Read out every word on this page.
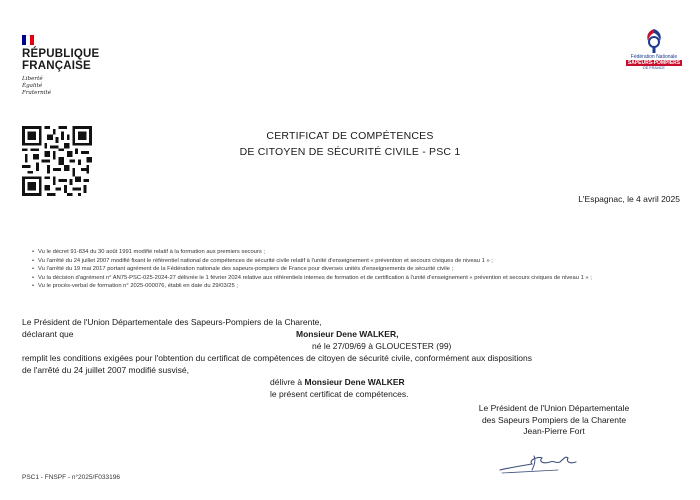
RÉPUBLIQUE
FRANÇAISE
Liberté
Égalité
Fraternité
Fédération Nationale
SAPEURS-POMPIERS
DE FRANCE
CERTIFICAT DE COMPÉTENCES
DE CITOYEN DE SÉCURITÉ CIVILE - PSC 1
L'Espagnac, le 4 avril 2025
• Vu le décret 91-834 du 30 août 1991 modifié relatif à la formation aux premiers secours ;
• Vu l'arrêté du 24 juillet 2007 modifié fixant le référentiel national de compétences de sécurité civile relatif à l'unité d'enseignement « prévention et secours civiques de niveau 1 » ;
• Vu l'arrêté du 19 mai 2017 portant agrément de la Fédération nationale des sapeurs-pompiers de France pour diverses unités d'enseignements de sécurité civile ;
• Vu la décision d'agrément n° AN75-PSC-025-2024-27 délivrée le 1 février 2024 relative aux référentiels internes de formation et de certification à l'unité d'enseignement « prévention et secours civiques de niveau 1 » ;
• Vu le procès-verbal de formation n° 2025-000076, établi en date du 29/03/25 ;
Le Président de l'Union Départementale des Sapeurs-Pompiers de la Charente,
déclarant que	Monsieur Dene WALKER,
né le 27/09/69 à GLOUCESTER (99)
remplit les conditions exigées pour l'obtention du certificat de compétences de citoyen de sécurité civile, conformément aux dispositions
de l'arrêté du 24 juillet 2007 modifié susvisé,
délivre à Monsieur Dene WALKER
le présent certificat de compétences.
Le Président de l'Union Départementale
des Sapeurs Pompiers de la Charente
Jean-Pierre Fort
PSC1 - FNSPF - n°2025/F033196
